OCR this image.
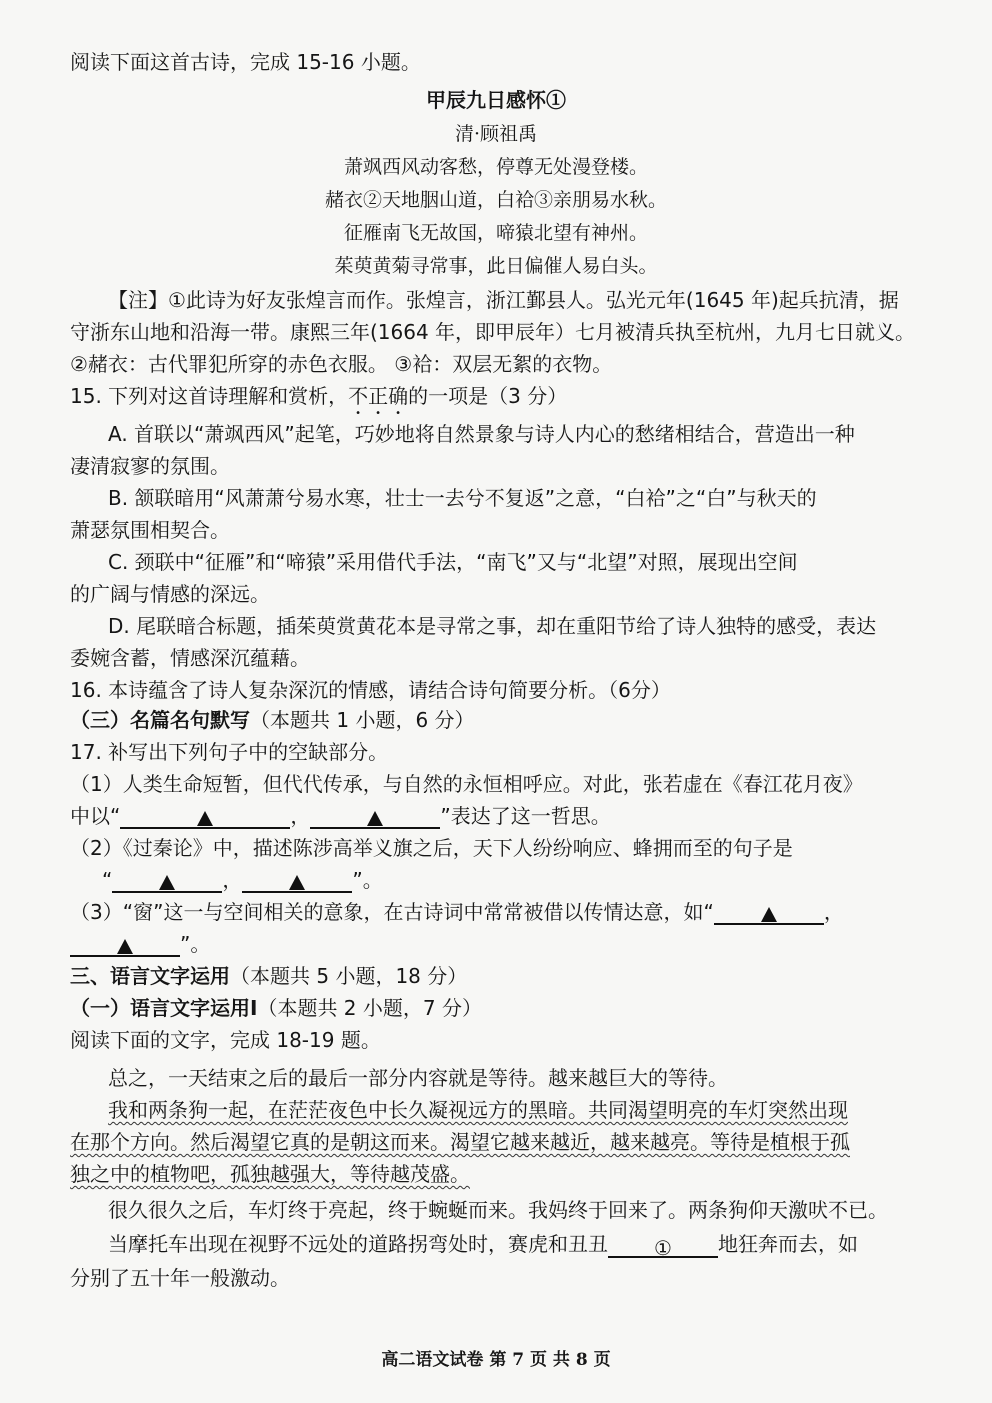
阅读下面这首古诗，完成 15-16 小题。
甲辰九日感怀①
清·顾祖禹
萧飒西风动客愁，停尊无处漫登楼。
赭衣②天地胭山道，白袷③亲朋易水秋。
征雁南飞无故国，啼猿北望有神州。
茱萸黄菊寻常事，此日偏催人易白头。
【注】①此诗为好友张煌言而作。张煌言，浙江鄞县人。弘光元年(1645 年)起兵抗清，据
守浙东山地和沿海一带。康熙三年(1664 年，即甲辰年）七月被清兵执至杭州，九月七日就义。
②赭衣：古代罪犯所穿的赤色衣服。 ③袷：双层无絮的衣物。
15. 下列对这首诗理解和赏析，不正确的一项是（3 分）
A. 首联以“萧飒西风”起笔，巧妙地将自然景象与诗人内心的愁绪相结合，营造出一种
凄清寂寥的氛围。
B. 颔联暗用“风萧萧兮易水寒，壮士一去兮不复返”之意，“白袷”之“白”与秋天的
萧瑟氛围相契合。
C. 颈联中“征雁”和“啼猿”采用借代手法，“南飞”又与“北望”对照，展现出空间
的广阔与情感的深远。
D. 尾联暗合标题，插茱萸赏黄花本是寻常之事，却在重阳节给了诗人独特的感受，表达
委婉含蓄，情感深沉蕴藉。
16. 本诗蕴含了诗人复杂深沉的情感，请结合诗句简要分析。（6分）
（三）名篇名句默写（本题共 1 小题，6 分）
17. 补写出下列句子中的空缺部分。
（1）人类生命短暂，但代代传承，与自然的永恒相呼应。对此，张若虚在《春江花月夜》
中以“	，	”表达了这一哲思。
（2）《过秦论》中，描述陈涉高举义旗之后，天下人纷纷响应、蜂拥而至的句子是
“	，	”。
（3）“窗”这一与空间相关的意象，在古诗词中常常被借以传情达意，如“	，
”。
三、语言文字运用（本题共 5 小题，18 分）
（一）语言文字运用Ⅰ（本题共 2 小题，7 分）
阅读下面的文字，完成 18-19 题。
总之，一天结束之后的最后一部分内容就是等待。越来越巨大的等待。
我和两条狗一起，在茫茫夜色中长久凝视远方的黑暗。共同渴望明亮的车灯突然出现
在那个方向。然后渴望它真的是朝这而来。渴望它越来越近，越来越亮。等待是植根于孤
独之中的植物吧，孤独越强大，等待越茂盛。
很久很久之后，车灯终于亮起，终于蜿蜒而来。我妈终于回来了。两条狗仰天激吠不已。
当摩托车出现在视野不远处的道路拐弯处时，赛虎和丑丑 ① 地狂奔而去，如
分别了五十年一般激动。
高二语文试卷 第 7 页 共 8 页
